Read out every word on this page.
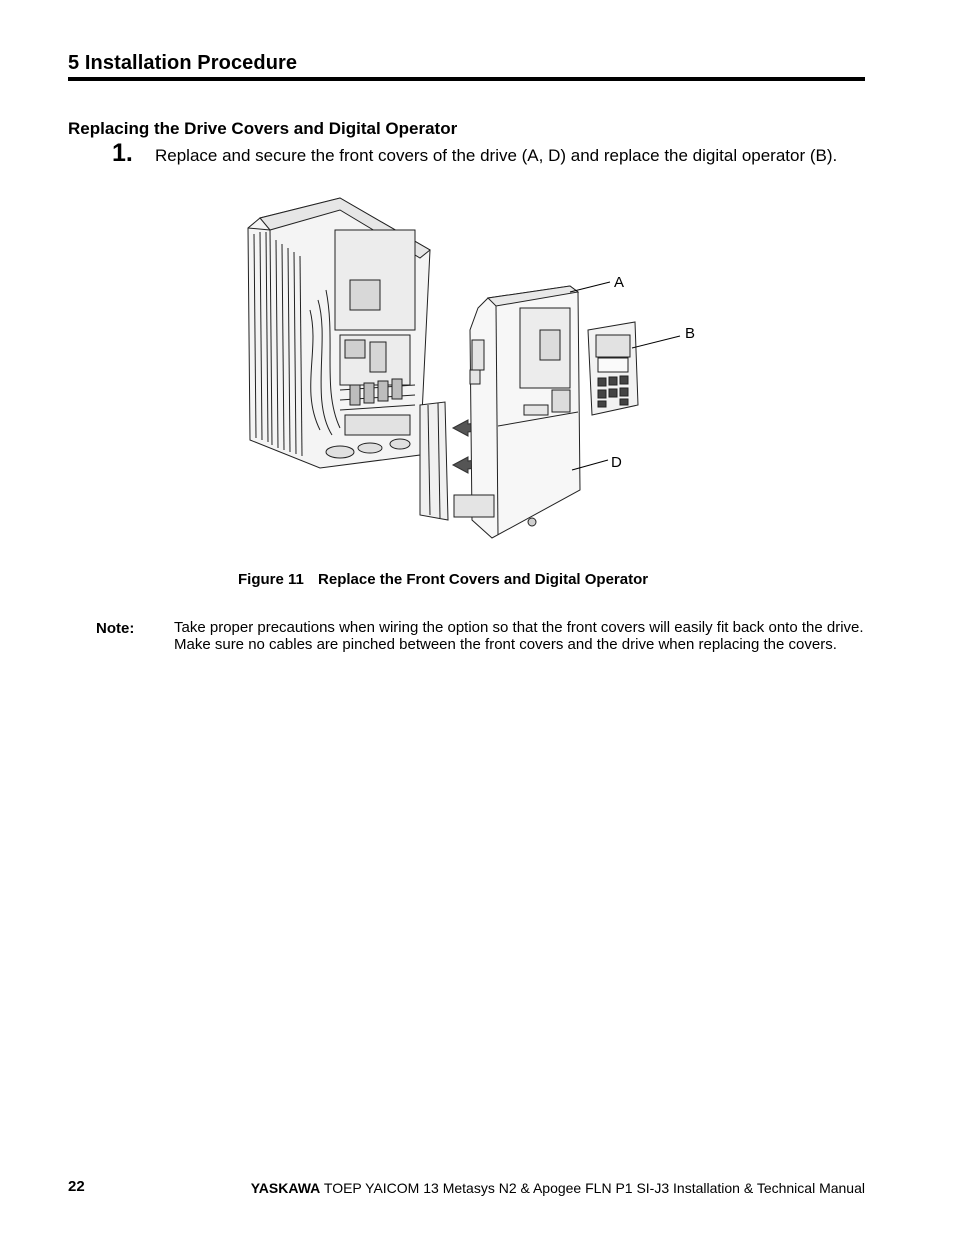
5 Installation Procedure
Replacing the Drive Covers and Digital Operator
1. Replace and secure the front covers of the drive (A, D) and replace the digital operator (B).
A
B
D
Figure 11 Replace the Front Covers and Digital Operator
Note:	Take proper precautions when wiring the option so that the front covers will easily fit back onto the drive. Make sure no cables are pinched between the front covers and the drive when replacing the covers.
22	YASKAWA TOEP YAICOM 13 Metasys N2 & Apogee FLN P1 SI-J3 Installation & Technical Manual
